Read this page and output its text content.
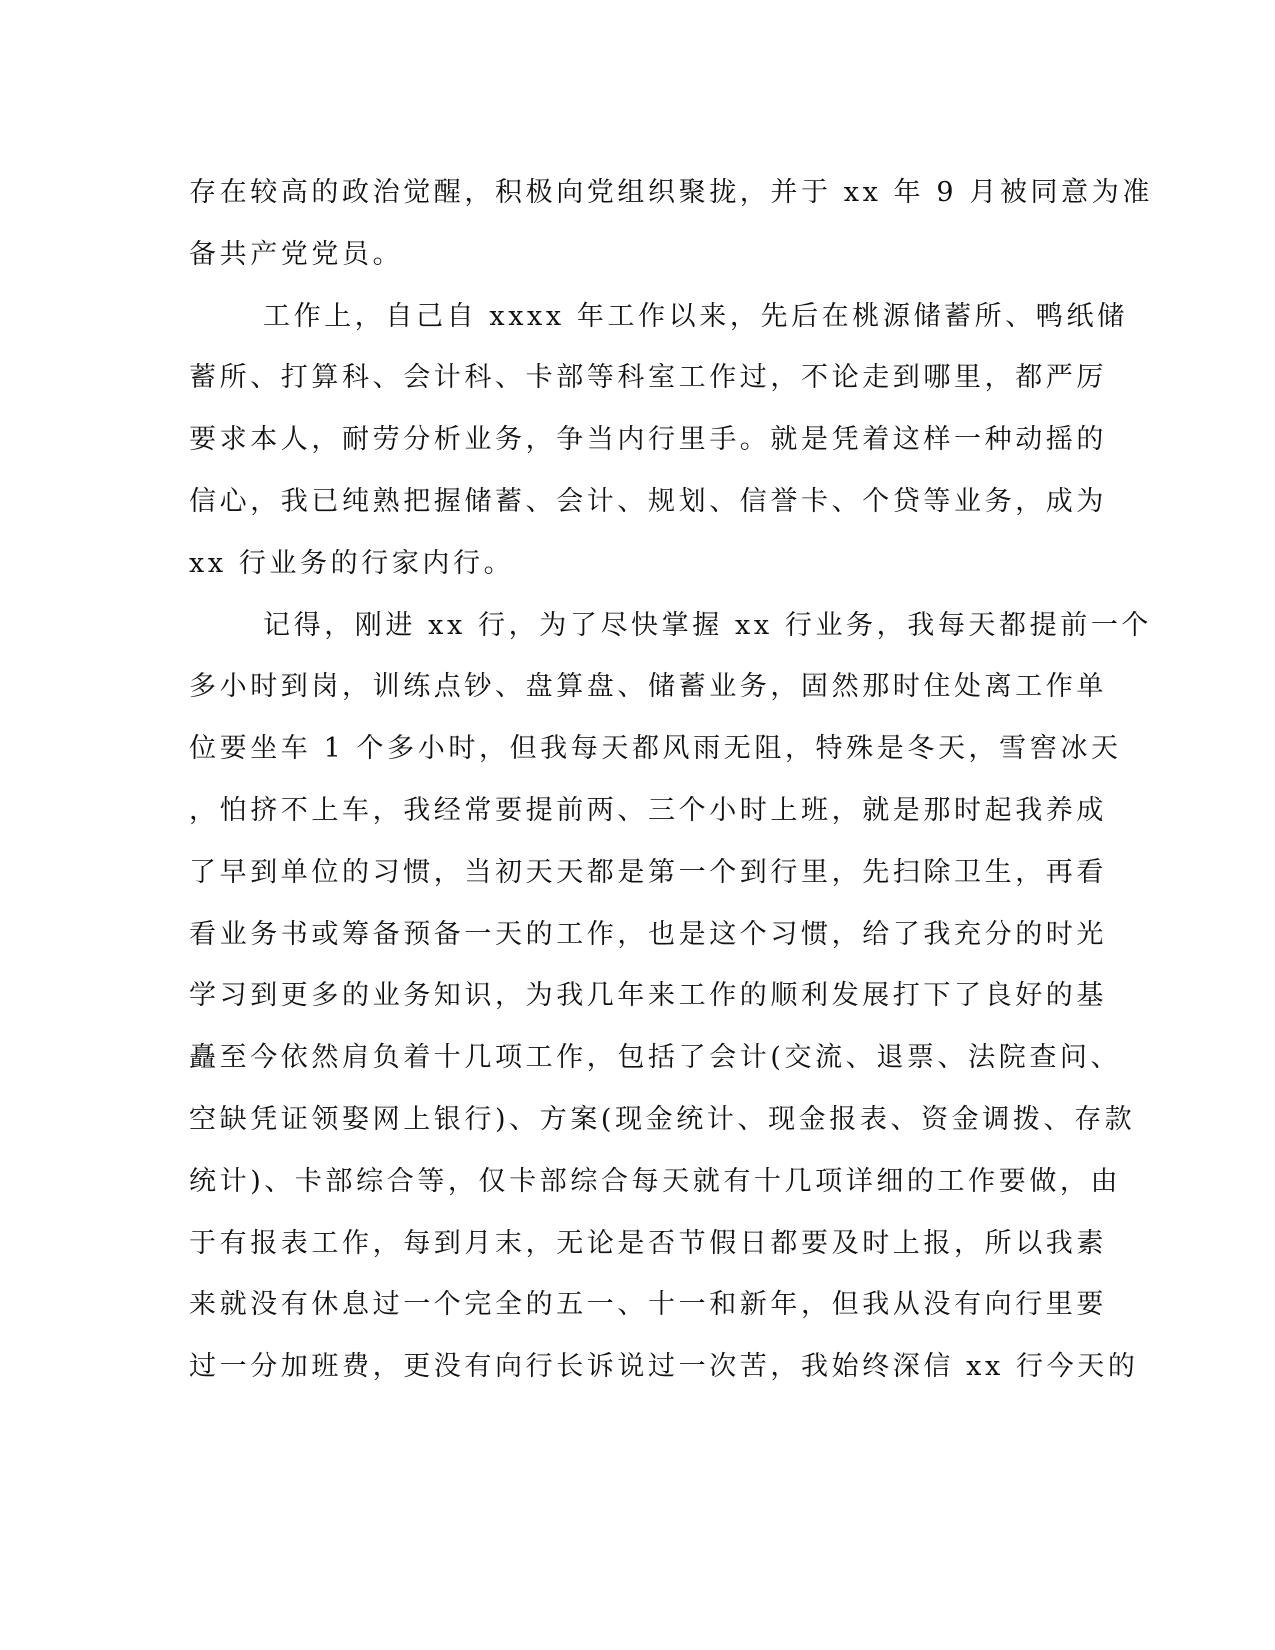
存在较高的政治觉醒，积极向党组织聚拢，并于 xx 年 9 月被同意为准
备共产党党员。
工作上，自己自 xxxx 年工作以来，先后在桃源储蓄所、鸭纸储
蓄所、打算科、会计科、卡部等科室工作过，不论走到哪里，都严厉
要求本人，耐劳分析业务，争当内行里手。就是凭着这样一种动摇的
信心，我已纯熟把握储蓄、会计、规划、信誉卡、个贷等业务，成为
xx 行业务的行家内行。
记得，刚进 xx 行，为了尽快掌握 xx 行业务，我每天都提前一个
多小时到岗，训练点钞、盘算盘、储蓄业务，固然那时住处离工作单
位要坐车 1 个多小时，但我每天都风雨无阻，特殊是冬天，雪窖冰天
，怕挤不上车，我经常要提前两、三个小时上班，就是那时起我养成
了早到单位的习惯，当初天天都是第一个到行里，先扫除卫生，再看
看业务书或筹备预备一天的工作，也是这个习惯，给了我充分的时光
学习到更多的业务知识，为我几年来工作的顺利发展打下了良好的基
矗至今依然肩负着十几项工作，包括了会计(交流、退票、法院查问、
空缺凭证领娶网上银行)、方案(现金统计、现金报表、资金调拨、存款
统计)、卡部综合等，仅卡部综合每天就有十几项详细的工作要做，由
于有报表工作，每到月末，无论是否节假日都要及时上报，所以我素
来就没有休息过一个完全的五一、十一和新年，但我从没有向行里要
过一分加班费，更没有向行长诉说过一次苦，我始终深信 xx 行今天的
